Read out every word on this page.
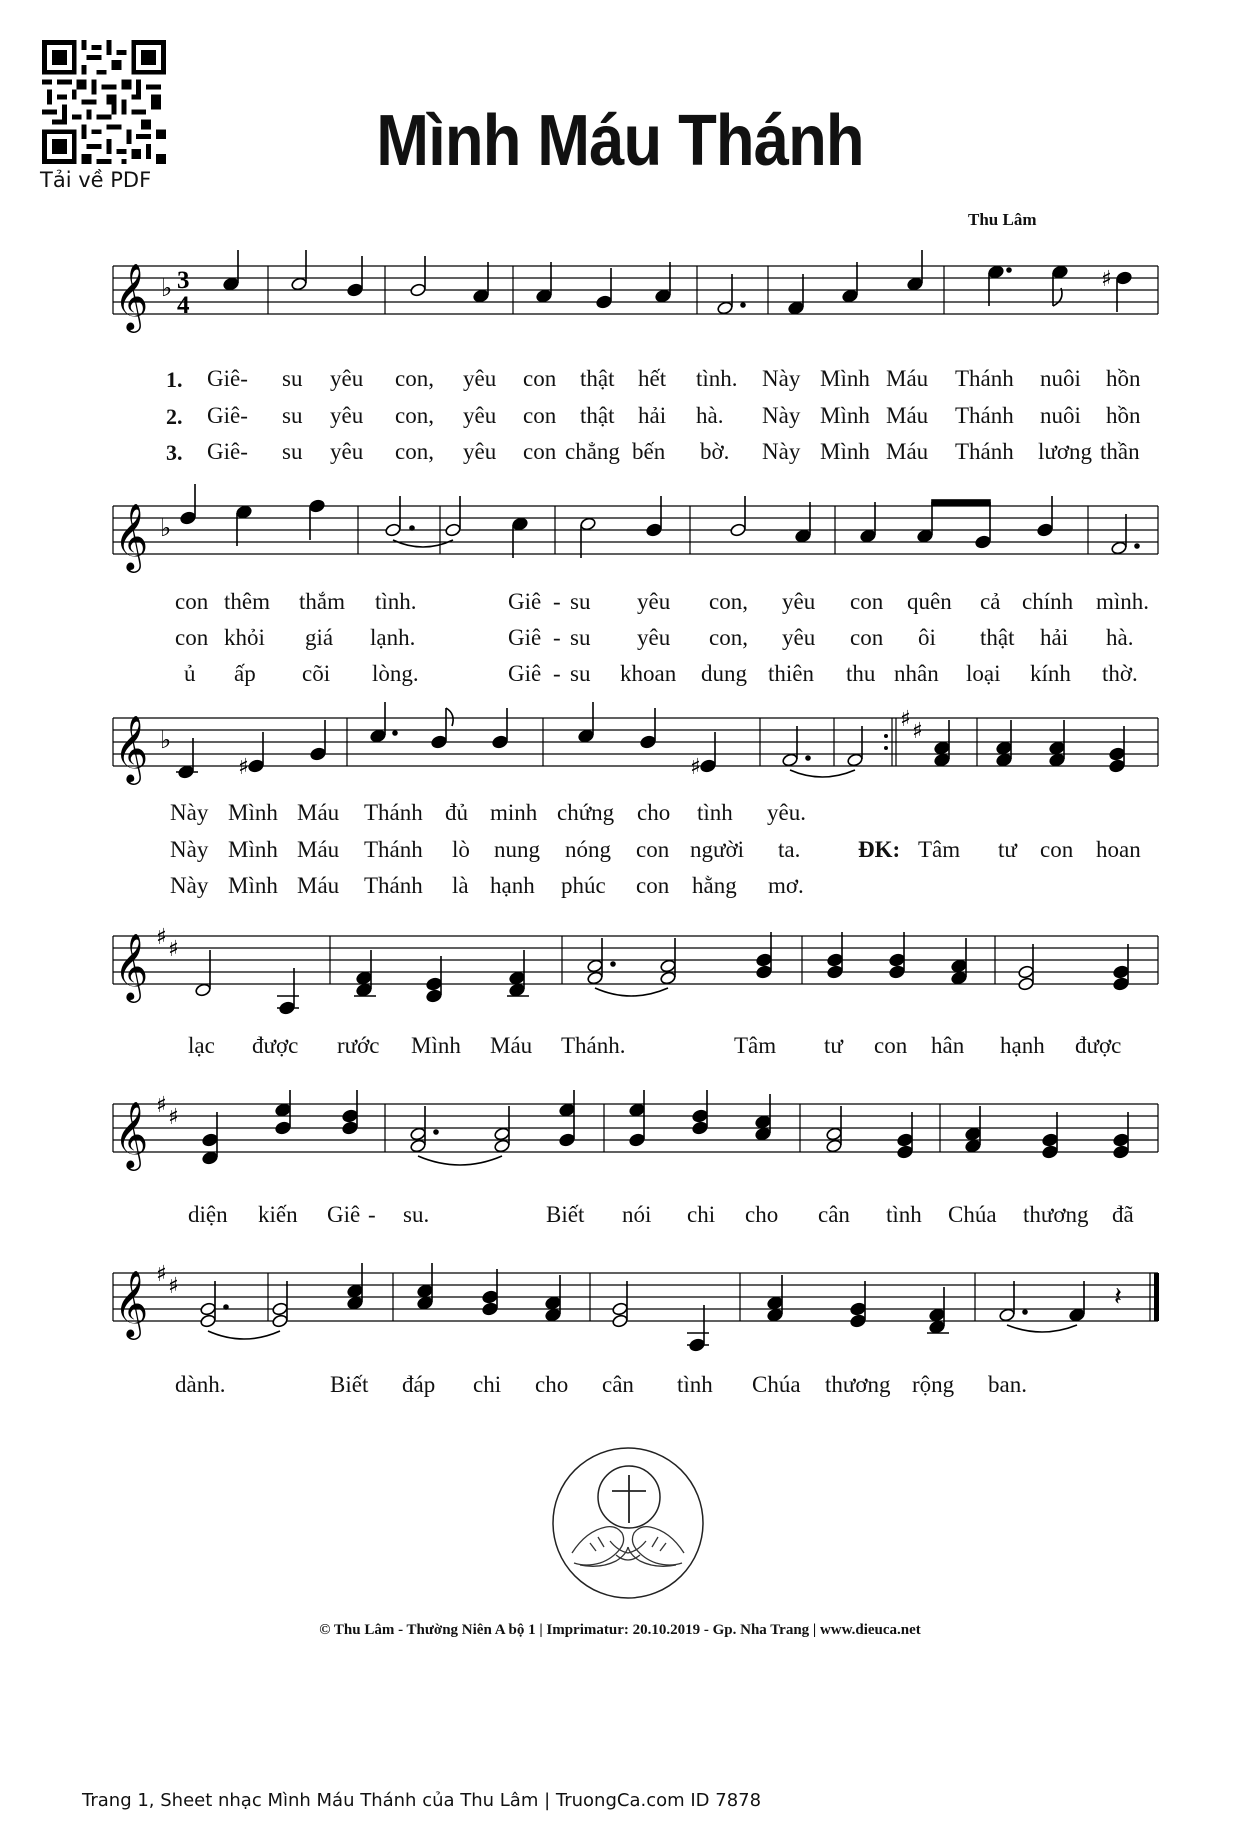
Tải về PDF	Mình Máu Thánh
Thu Lâm
𝄞 ♭ 3
4
♯
1.
2.
3.
Giê- su yêu con, yêu con thật hết tình. Này Mình Máu Thánh nuôi hồn
Giê- su yêu con, yêu con thật hải hà. Này Mình Máu Thánh nuôi hồn
Giê- su yêu con, yêu con chẳng bến bờ. Này Mình Máu Thánh lương thần
𝄞 ♭
con thêm thắm tình.	Giê - su yêu con, yêu con quên cả chính mình.
con khỏi giá lạnh.	Giê - su yêu con, yêu con ôi thật hải hà.
ủ ấp cõi lòng.	Giê - su khoan dung thiên thu nhân loại kính thờ.
𝄞 ♭
♯ ♯
♯	♯
Này Mình Máu Thánh đủ minh chứng cho tình yêu.
Này Mình Máu Thánh lò nung nóng con người ta.	ĐK: Tâm tư con hoan
Này Mình Máu Thánh là hạnh phúc con hằng mơ.
𝄞 ♯ ♯
lạc được rước Mình Máu Thánh.	Tâm tư con hân hạnh được
𝄞 ♯ ♯
diện kiến Giê - su.	Biết nói chi cho cân tình Chúa thương đã
𝄞 ♯ ♯	𝄽
dành.	Biết đáp chi cho cân tình Chúa thương rộng ban.
© Thu Lâm - Thường Niên A bộ 1 | Imprimatur: 20.10.2019 - Gp. Nha Trang | www.dieuca.net
Trang 1, Sheet nhạc Mình Máu Thánh của Thu Lâm | TruongCa.com ID 7878
